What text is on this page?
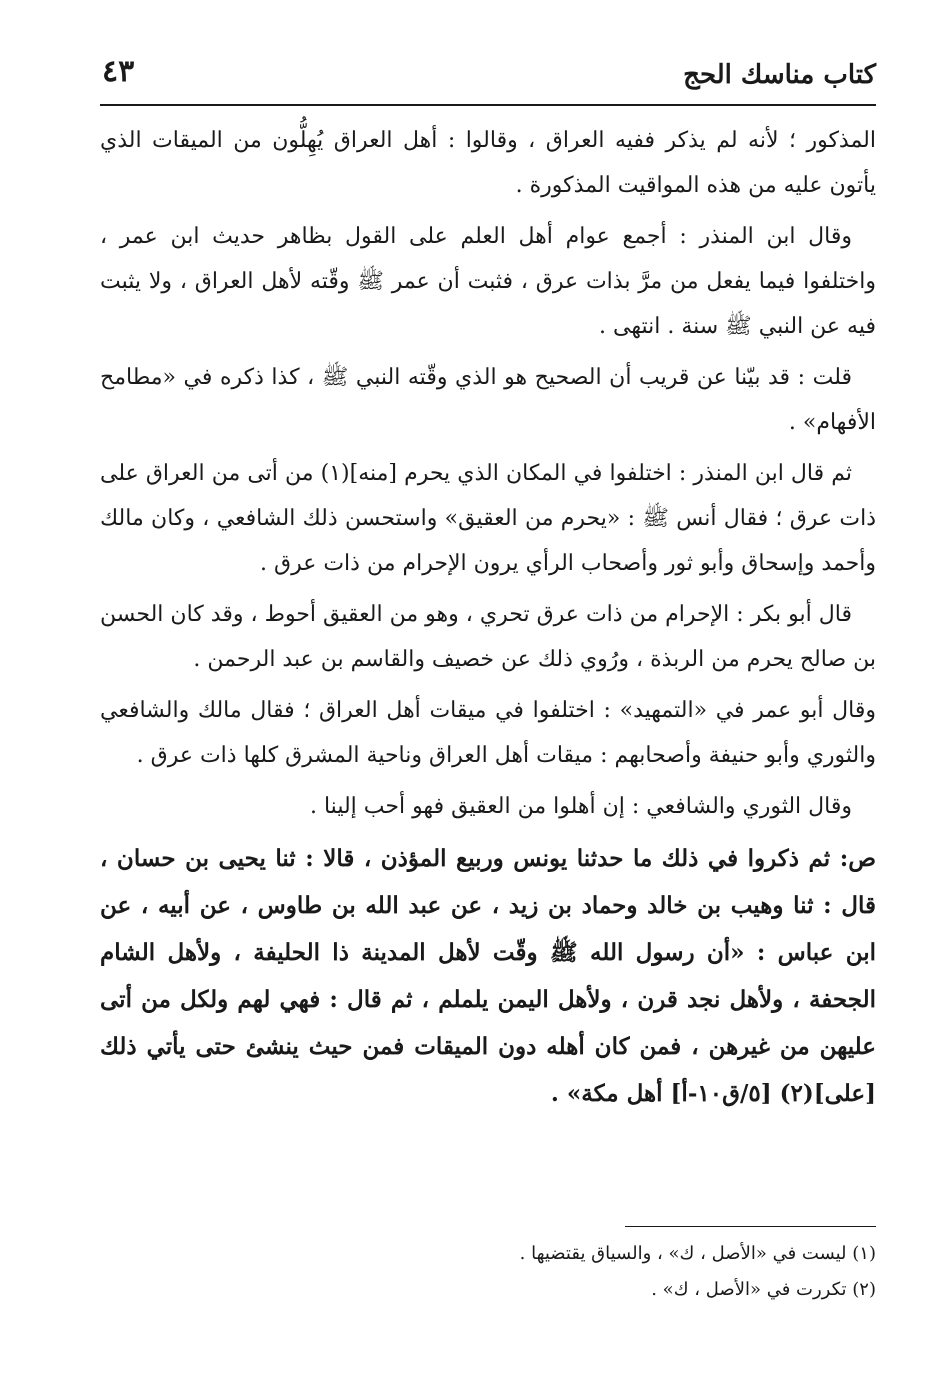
كتاب مناسك الحج
٤٣

المذكور ؛ لأنه لم يذكر ففيه العراق ، وقالوا : أهل العراق يُهِلُّون من الميقات الذي يأتون عليه من هذه المواقيت المذكورة .

وقال ابن المنذر : أجمع عوام أهل العلم على القول بظاهر حديث ابن عمر ، واختلفوا فيما يفعل من مرَّ بذات عرق ، فثبت أن عمر ﷺ وقّته لأهل العراق ، ولا يثبت فيه عن النبي ﷺ سنة . انتهى .

قلت : قد بيّنا عن قريب أن الصحيح هو الذي وقّته النبي ﷺ ، كذا ذكره في «مطامح الأفهام» .

ثم قال ابن المنذر : اختلفوا في المكان الذي يحرم [منه](١) من أتى من العراق على ذات عرق ؛ فقال أنس ﷺ : «يحرم من العقيق» واستحسن ذلك الشافعي ، وكان مالك وأحمد وإسحاق وأبو ثور وأصحاب الرأي يرون الإحرام من ذات عرق .

قال أبو بكر : الإحرام من ذات عرق تحري ، وهو من العقيق أحوط ، وقد كان الحسن بن صالح يحرم من الربذة ، ورُوي ذلك عن خصيف والقاسم بن عبد الرحمن .

وقال أبو عمر في «التمهيد» : اختلفوا في ميقات أهل العراق ؛ فقال مالك والشافعي والثوري وأبو حنيفة وأصحابهم : ميقات أهل العراق وناحية المشرق كلها ذات عرق .

وقال الثوري والشافعي : إن أهلوا من العقيق فهو أحب إلينا .

ص: ثم ذكروا في ذلك ما حدثنا يونس وربيع المؤذن ، قالا : ثنا يحيى بن حسان ، قال : ثنا وهيب بن خالد وحماد بن زيد ، عن عبد الله بن طاوس ، عن أبيه ، عن ابن عباس : «أن رسول الله ﷺ وقّت لأهل المدينة ذا الحليفة ، ولأهل الشام الجحفة ، ولأهل نجد قرن ، ولأهل اليمن يلملم ، ثم قال : فهي لهم ولكل من أتى عليهن من غيرهن ، فمن كان أهله دون الميقات فمن حيث ينشئ حتى يأتي ذلك [على](٢) [٥/ق١٠-أ] أهل مكة» .

(١) ليست في «الأصل ، ك» ، والسياق يقتضيها .

(٢) تكررت في «الأصل ، ك» .
